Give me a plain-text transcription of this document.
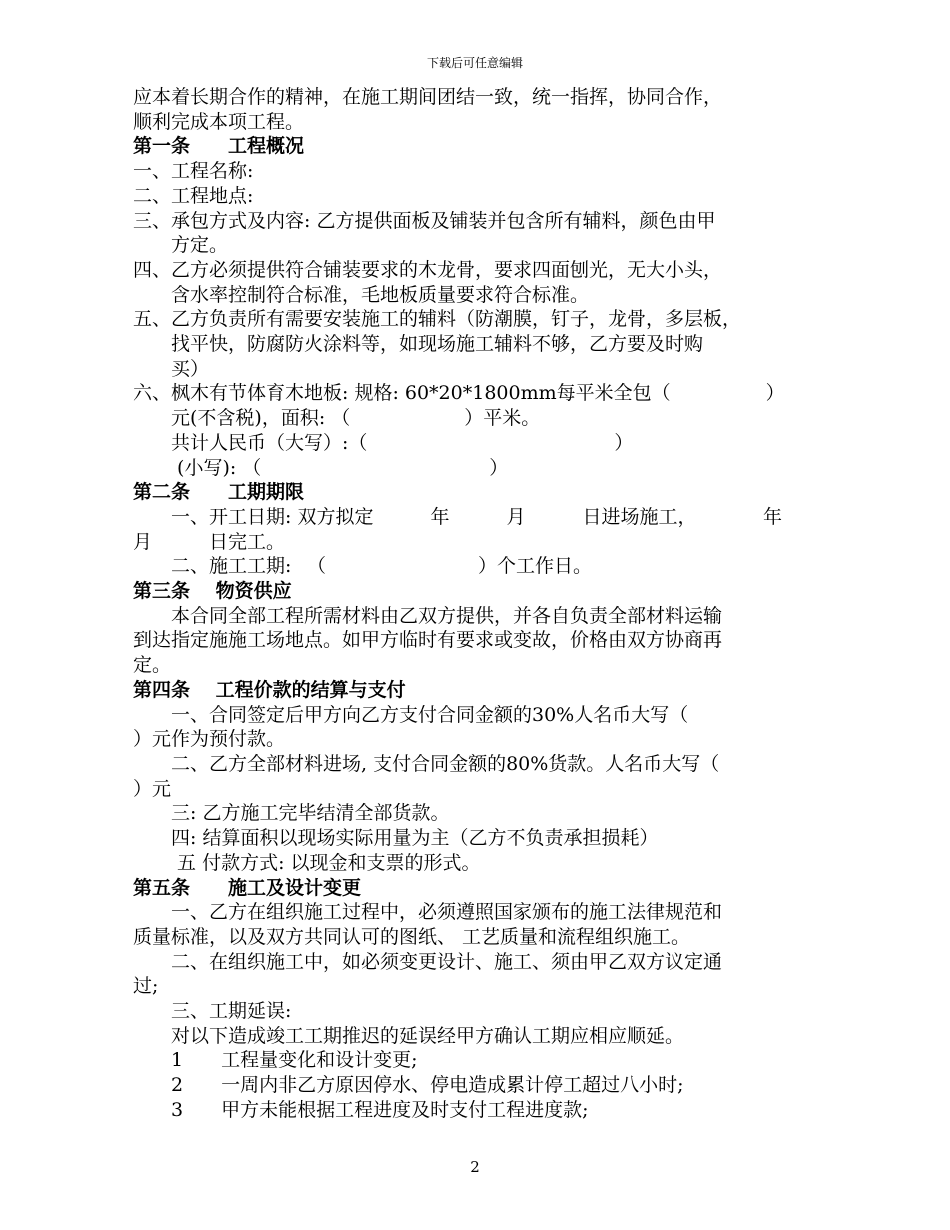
下载后可任意编辑

应本着长期合作的精神，在施工期间团结一致，统一指挥，协同合作，

顺利完成本项工程。

第一条　　工程概况

一、工程名称:

二、工程地点:

三、承包方式及内容: 乙方提供面板及铺装并包含所有辅料，颜色由甲

　　方定。

四、乙方必须提供符合铺装要求的木龙骨，要求四面刨光，无大小头，

　　含水率控制符合标准，毛地板质量要求符合标准。

五、乙方负责所有需要安装施工的辅料（防潮膜，钉子，龙骨，多层板，

　　找平快，防腐防火涂料等，如现场施工辅料不够，乙方要及时购

　　买）

六、枫木有节体育木地板: 规格: 60*20*1800mm每平米全包（　　　　　）

　　元(不含税)，面积: （　　　　　　）平米。

　　共计人民币（大写）:（　　　　　　　　　　　　　）

　　 (小写): （　　　　　　　　　　　　）

第二条　　工期期限

　　一、开工日期: 双方拟定　　　年　　　月　　　日进场施工，　　　　年

月　　　日完工。

　　二、施工工期: 　（　　　　　　　　）个工作日。

第三条　 物资供应

　　本合同全部工程所需材料由乙双方提供，并各自负责全部材料运输

到达指定施施工场地点。如甲方临时有要求或变故，价格由双方协商再

定。

第四条　 工程价款的结算与支付

　　一、合同签定后甲方向乙方支付合同金额的30%人名币大写（

）元作为预付款。

　　二、乙方全部材料进场, 支付合同金额的80%货款。人名币大写（

）元

　　三: 乙方施工完毕结清全部货款。

　　四: 结算面积以现场实际用量为主（乙方不负责承担损耗）

　　 五 付款方式: 以现金和支票的形式。

第五条　　施工及设计变更

　　一、乙方在组织施工过程中，必须遵照国家颁布的施工法律规范和

质量标准，以及双方共同认可的图纸、 工艺质量和流程组织施工。

　　二、在组织施工中，如必须变更设计、施工、须由甲乙双方议定通

过;

　　三、工期延误:

　　对以下造成竣工工期推迟的延误经甲方确认工期应相应顺延。

　　1　　工程量变化和设计变更;

　　2　　一周内非乙方原因停水、停电造成累计停工超过八小时;

　　3　　甲方未能根据工程进度及时支付工程进度款;

2
